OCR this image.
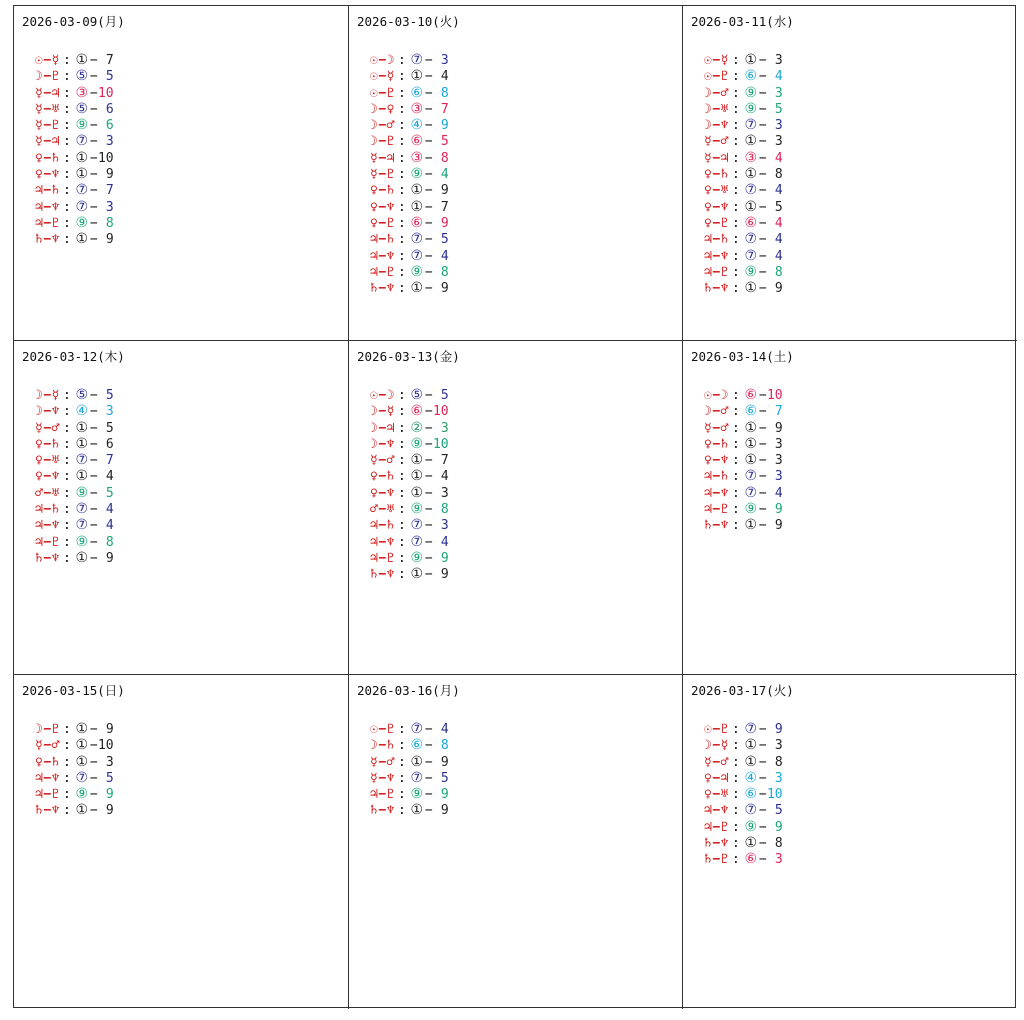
2026-03-09(月)
☉−☿ : ① − 7
☽−♇ : ⑤ − 5
☿−♃ : ③ −10
☿−♅ : ⑤ − 6
☿−♇ : ⑨ − 6
☿−♃ : ⑦ − 3
♀−♄ : ① −10
♀−♆ : ① − 9
♃−♄ : ⑦ − 7
♃−♆ : ⑦ − 3
♃−♇ : ⑨ − 8
♄−♆ : ① − 9
2026-03-10(火)
☉−☽ : ⑦ − 3
☉−☿ : ① − 4
☉−♇ : ⑥ − 8
☽−♀ : ③ − 7
☽−♂ : ④ − 9
☽−♇ : ⑥ − 5
☿−♃ : ③ − 8
☿−♇ : ⑨ − 4
♀−♄ : ① − 9
♀−♆ : ① − 7
♀−♇ : ⑥ − 9
♃−♄ : ⑦ − 5
♃−♆ : ⑦ − 4
♃−♇ : ⑨ − 8
♄−♆ : ① − 9
2026-03-11(水)
☉−☿ : ① − 3
☉−♇ : ⑥ − 4
☽−♂ : ⑨ − 3
☽−♅ : ⑨ − 5
☽−♆ : ⑦ − 3
☿−♂ : ① − 3
☿−♃ : ③ − 4
♀−♄ : ① − 8
♀−♅ : ⑦ − 4
♀−♆ : ① − 5
♀−♇ : ⑥ − 4
♃−♄ : ⑦ − 4
♃−♆ : ⑦ − 4
♃−♇ : ⑨ − 8
♄−♆ : ① − 9
2026-03-12(木)
☽−☿ : ⑤ − 5
☽−♆ : ④ − 3
☿−♂ : ① − 5
♀−♄ : ① − 6
♀−♅ : ⑦ − 7
♀−♆ : ① − 4
♂−♅ : ⑨ − 5
♃−♄ : ⑦ − 4
♃−♆ : ⑦ − 4
♃−♇ : ⑨ − 8
♄−♆ : ① − 9
2026-03-13(金)
☉−☽ : ⑤ − 5
☽−☿ : ⑥ −10
☽−♃ : ② − 3
☽−♆ : ⑨ −10
☿−♂ : ① − 7
♀−♄ : ① − 4
♀−♆ : ① − 3
♂−♅ : ⑨ − 8
♃−♄ : ⑦ − 3
♃−♆ : ⑦ − 4
♃−♇ : ⑨ − 9
♄−♆ : ① − 9
2026-03-14(土)
☉−☽ : ⑥ −10
☽−♂ : ⑥ − 7
☿−♂ : ① − 9
♀−♄ : ① − 3
♀−♆ : ① − 3
♃−♄ : ⑦ − 3
♃−♆ : ⑦ − 4
♃−♇ : ⑨ − 9
♄−♆ : ① − 9
2026-03-15(日)
☽−♇ : ① − 9
☿−♂ : ① −10
♀−♄ : ① − 3
♃−♆ : ⑦ − 5
♃−♇ : ⑨ − 9
♄−♆ : ① − 9
2026-03-16(月)
☉−♇ : ⑦ − 4
☽−♄ : ⑥ − 8
☿−♂ : ① − 9
☿−♆ : ⑦ − 5
♃−♇ : ⑨ − 9
♄−♆ : ① − 9
2026-03-17(火)
☉−♇ : ⑦ − 9
☽−☿ : ① − 3
☿−♂ : ① − 8
♀−♃ : ④ − 3
♀−♅ : ⑥ −10
♃−♆ : ⑦ − 5
♃−♇ : ⑨ − 9
♄−♆ : ① − 8
♄−♇ : ⑥ − 3
